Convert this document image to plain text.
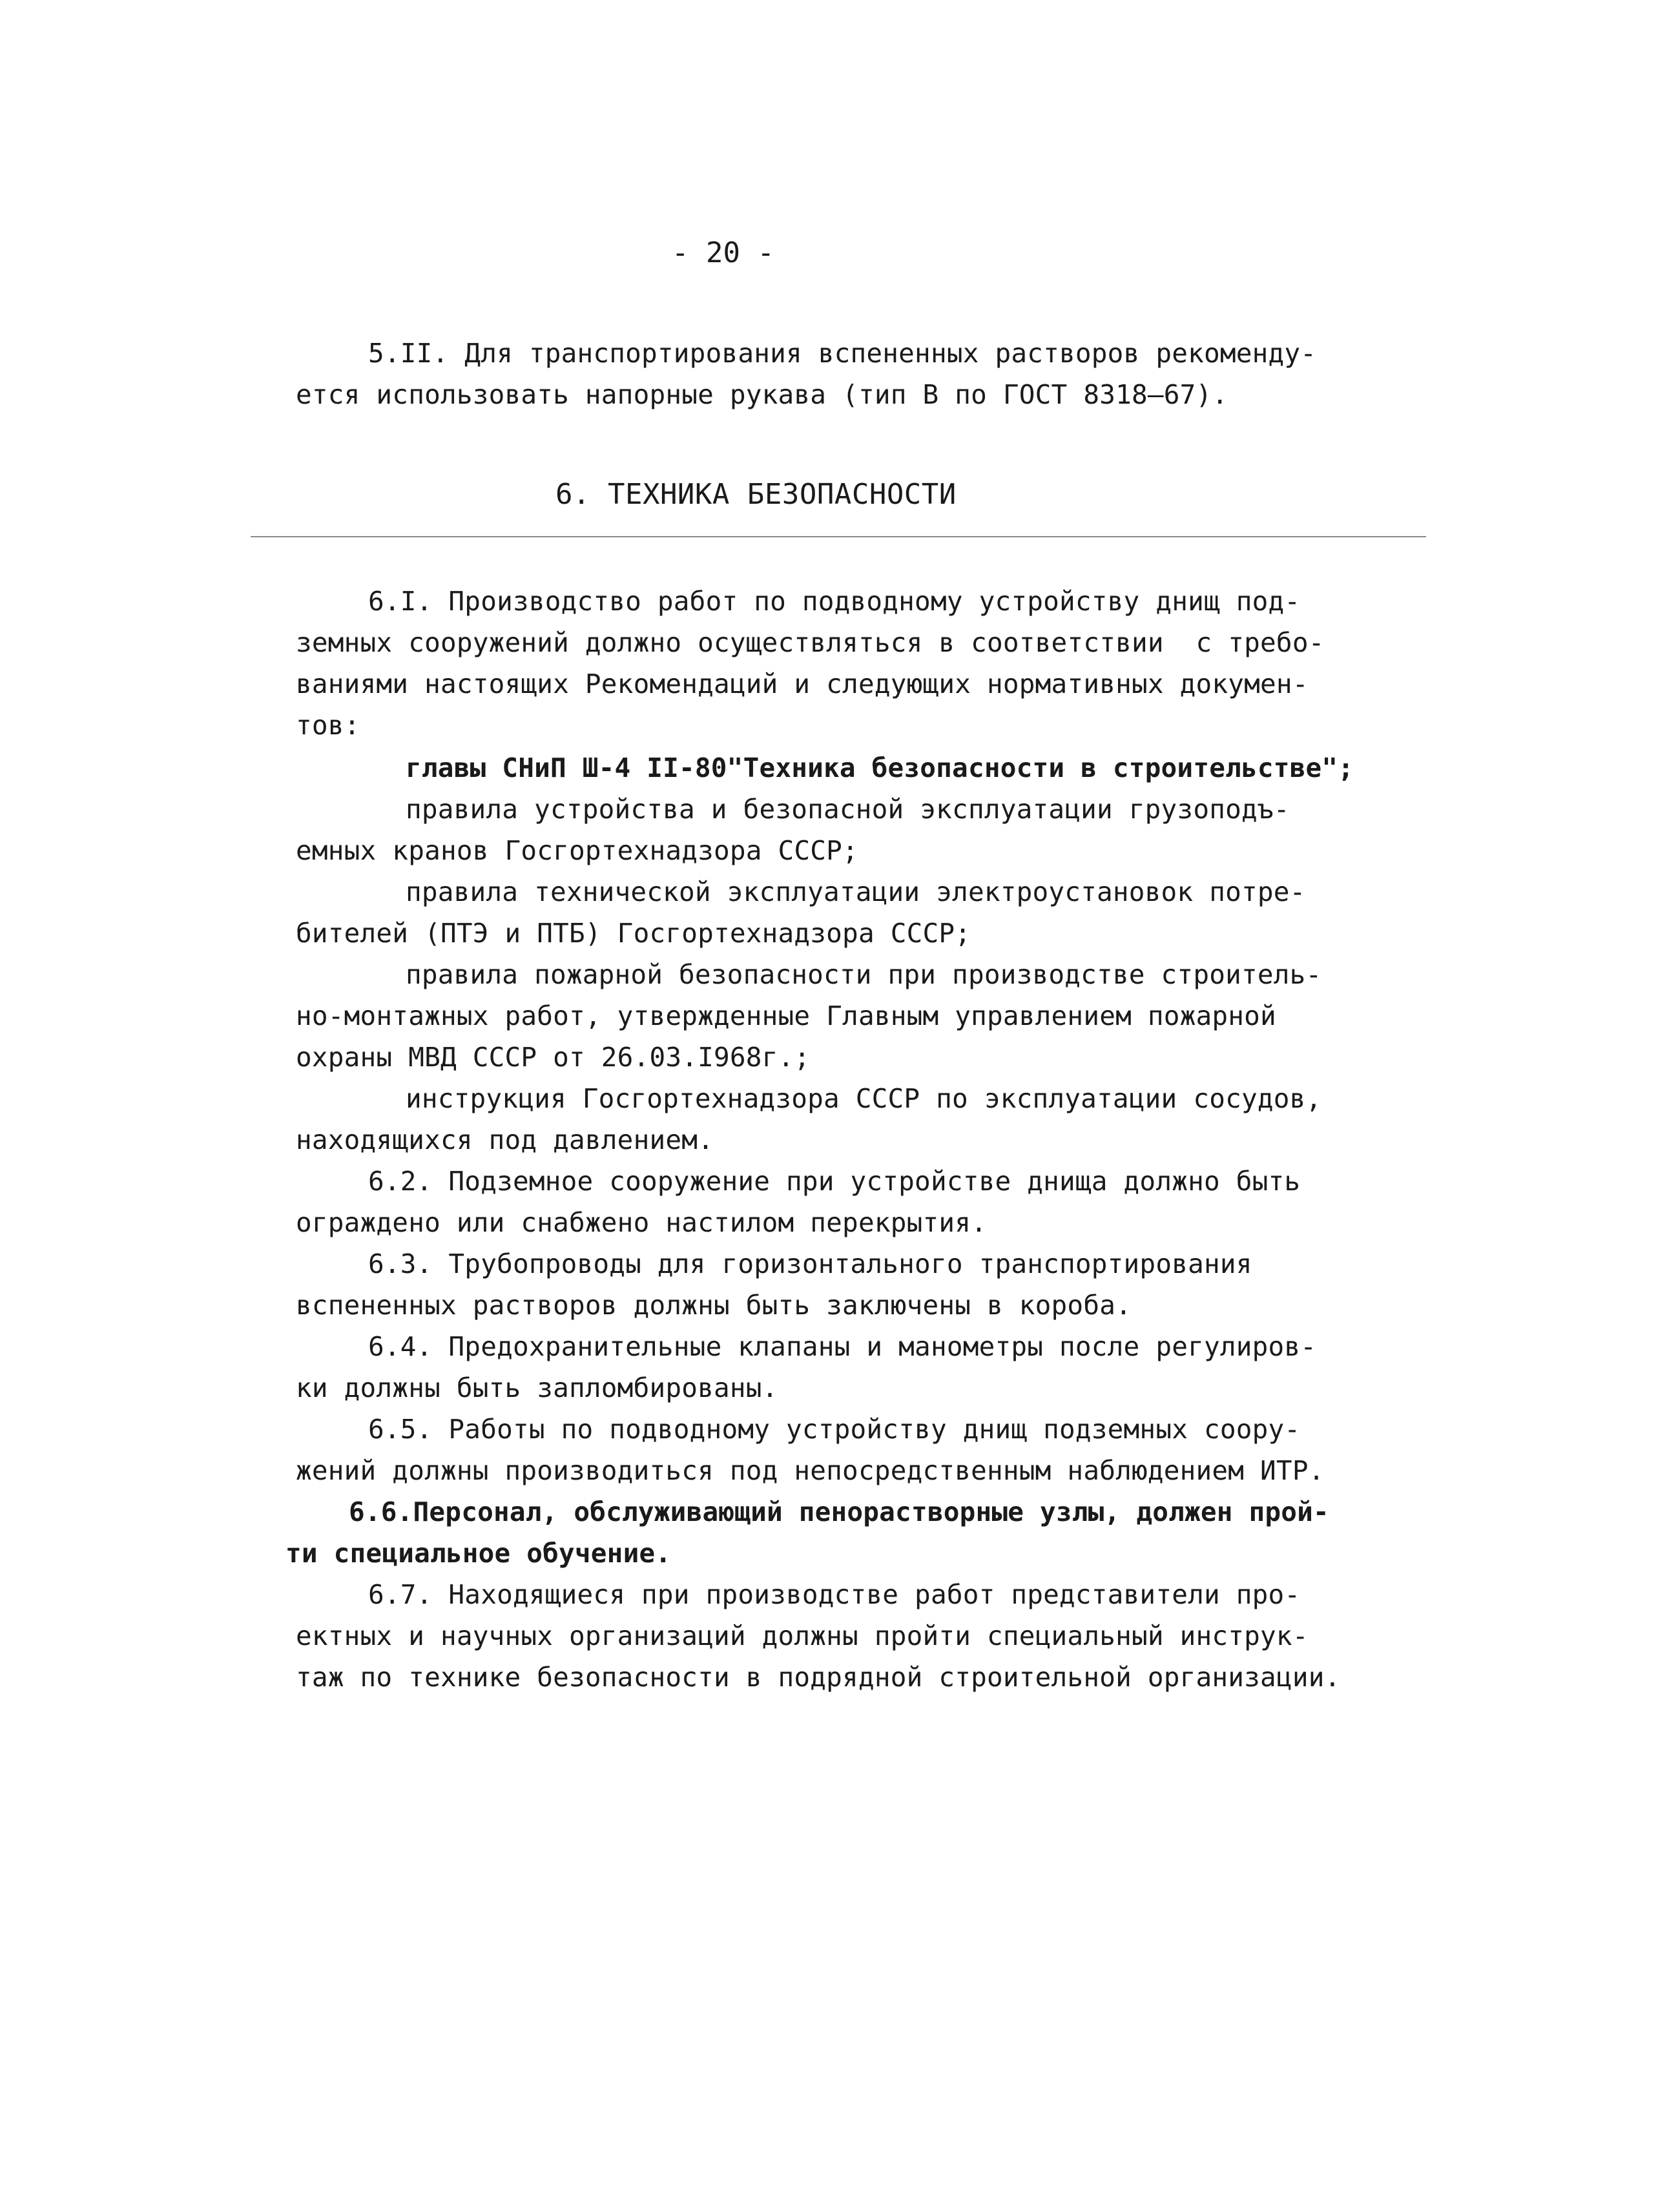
- 20 -
5.II. Для транспортирования вспененных растворов рекоменду-
ется использовать напорные рукава (тип В по ГОСТ 8318–67).
6. ТЕХНИКА БЕЗОПАСНОСТИ
6.I. Производство работ по подводному устройству днищ под-
земных сооружений должно осуществляться в соответствии  с требо-
ваниями настоящих Рекомендаций и следующих нормативных докумен-
тов:
главы СНиП Ш-4 II-80"Техника безопасности в строительстве";
правила устройства и безопасной эксплуатации грузоподъ-
емных кранов Госгортехнадзора СССР;
правила технической эксплуатации электроустановок потре-
бителей (ПТЭ и ПТБ) Госгортехнадзора СССР;
правила пожарной безопасности при производстве строитель-
но-монтажных работ, утвержденные Главным управлением пожарной
охраны МВД СССР от 26.03.I968г.;
инструкция Госгортехнадзора СССР по эксплуатации сосудов,
находящихся под давлением.
6.2. Подземное сооружение при устройстве днища должно быть
ограждено или снабжено настилом перекрытия.
6.3. Трубопроводы для горизонтального транспортирования
вспененных растворов должны быть заключены в короба.
6.4. Предохранительные клапаны и манометры после регулиров-
ки должны быть запломбированы.
6.5. Работы по подводному устройству днищ подземных соору-
жений должны производиться под непосредственным наблюдением ИТР.
6.6.Персонал, обслуживающий пенорастворные узлы, должен прой-
ти специальное обучение.
6.7. Находящиеся при производстве работ представители про-
ектных и научных организаций должны пройти специальный инструк-
таж по технике безопасности в подрядной строительной организации.
